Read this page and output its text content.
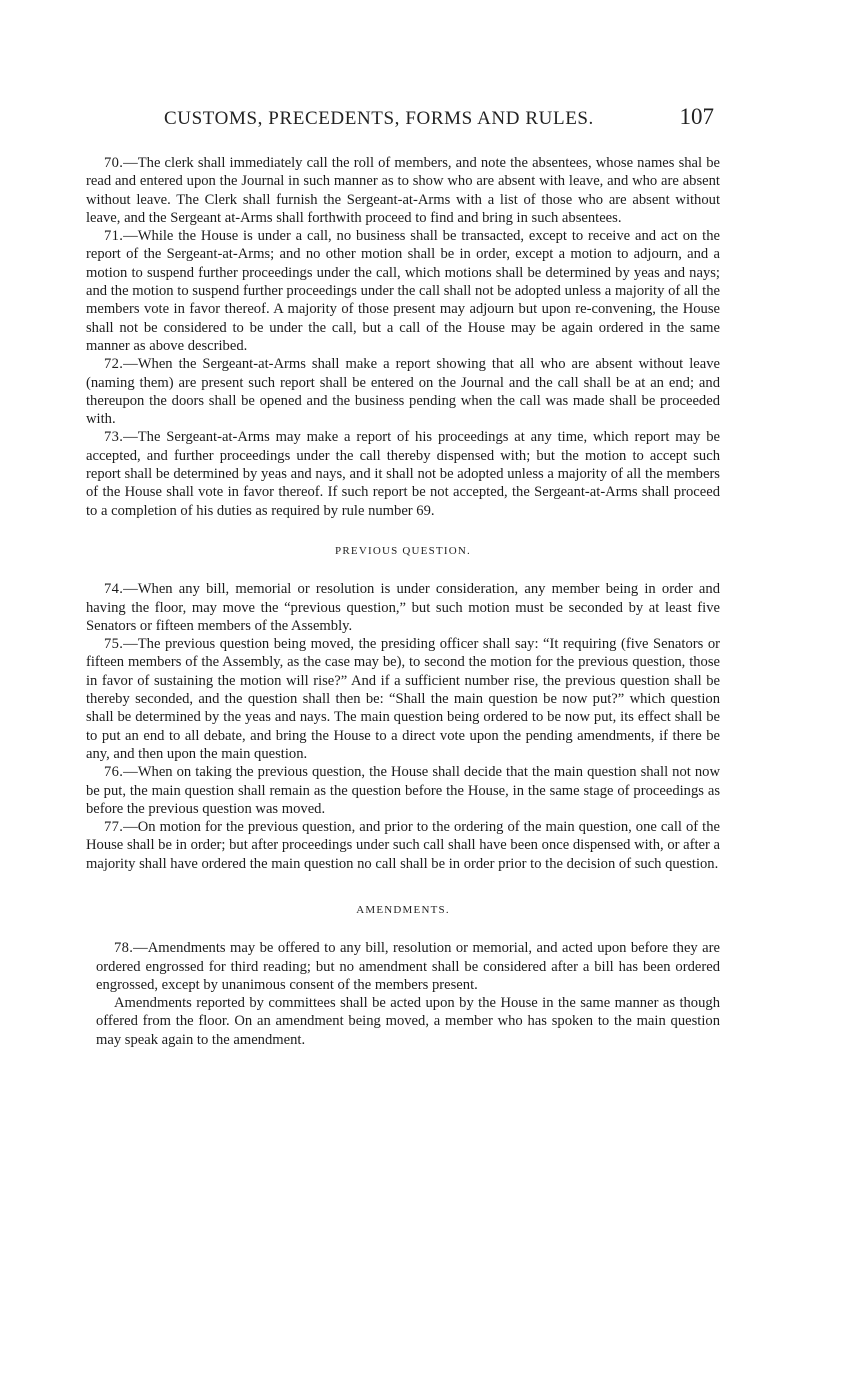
CUSTOMS, PRECEDENTS, FORMS AND RULES.	107

70.—The clerk shall immediately call the roll of members, and note the absentees, whose names shal be read and entered upon the Journal in such manner as to show who are absent with leave, and who are absent without leave. The Clerk shall furnish the Sergeant-at-Arms with a list of those who are absent without leave, and the Sergeant at-Arms shall forthwith proceed to find and bring in such absentees.

71.—While the House is under a call, no business shall be transacted, except to receive and act on the report of the Sergeant-at-Arms; and no other motion shall be in order, except a motion to adjourn, and a motion to suspend further proceedings under the call, which motions shall be determined by yeas and nays; and the motion to suspend further proceedings under the call shall not be adopted unless a majority of all the members vote in favor thereof. A majority of those present may adjourn but upon re-convening, the House shall not be considered to be under the call, but a call of the House may be again ordered in the same manner as above described.

72.—When the Sergeant-at-Arms shall make a report showing that all who are absent without leave (naming them) are present such report shall be entered on the Journal and the call shall be at an end; and thereupon the doors shall be opened and the business pending when the call was made shall be proceeded with.

73.—The Sergeant-at-Arms may make a report of his proceedings at any time, which report may be accepted, and further proceedings under the call thereby dispensed with; but the motion to accept such report shall be determined by yeas and nays, and it shall not be adopted unless a majority of all the members of the House shall vote in favor thereof. If such report be not accepted, the Sergeant-at-Arms shall proceed to a completion of his duties as required by rule number 69.

PREVIOUS QUESTION.

74.—When any bill, memorial or resolution is under consideration, any member being in order and having the floor, may move the “previous question,” but such motion must be seconded by at least five Senators or fifteen members of the Assembly.

75.—The previous question being moved, the presiding officer shall say: “It requiring (five Senators or fifteen members of the Assembly, as the case may be), to second the motion for the previous question, those in favor of sustaining the motion will rise?” And if a sufficient number rise, the previous question shall be thereby seconded, and the question shall then be: “Shall the main question be now put?” which question shall be determined by the yeas and nays. The main question being ordered to be now put, its effect shall be to put an end to all debate, and bring the House to a direct vote upon the pending amendments, if there be any, and then upon the main question.

76.—When on taking the previous question, the House shall decide that the main question shall not now be put, the main question shall remain as the question before the House, in the same stage of proceedings as before the previous question was moved.

77.—On motion for the previous question, and prior to the ordering of the main question, one call of the House shall be in order; but after proceedings under such call shall have been once dispensed with, or after a majority shall have ordered the main question no call shall be in order prior to the decision of such question.

AMENDMENTS.

78.—Amendments may be offered to any bill, resolution or memorial, and acted upon before they are ordered engrossed for third reading; but no amendment shall be considered after a bill has been ordered engrossed, except by unanimous consent of the members present.

Amendments reported by committees shall be acted upon by the House in the same manner as though offered from the floor. On an amendment being moved, a member who has spoken to the main question may speak again to the amendment.
